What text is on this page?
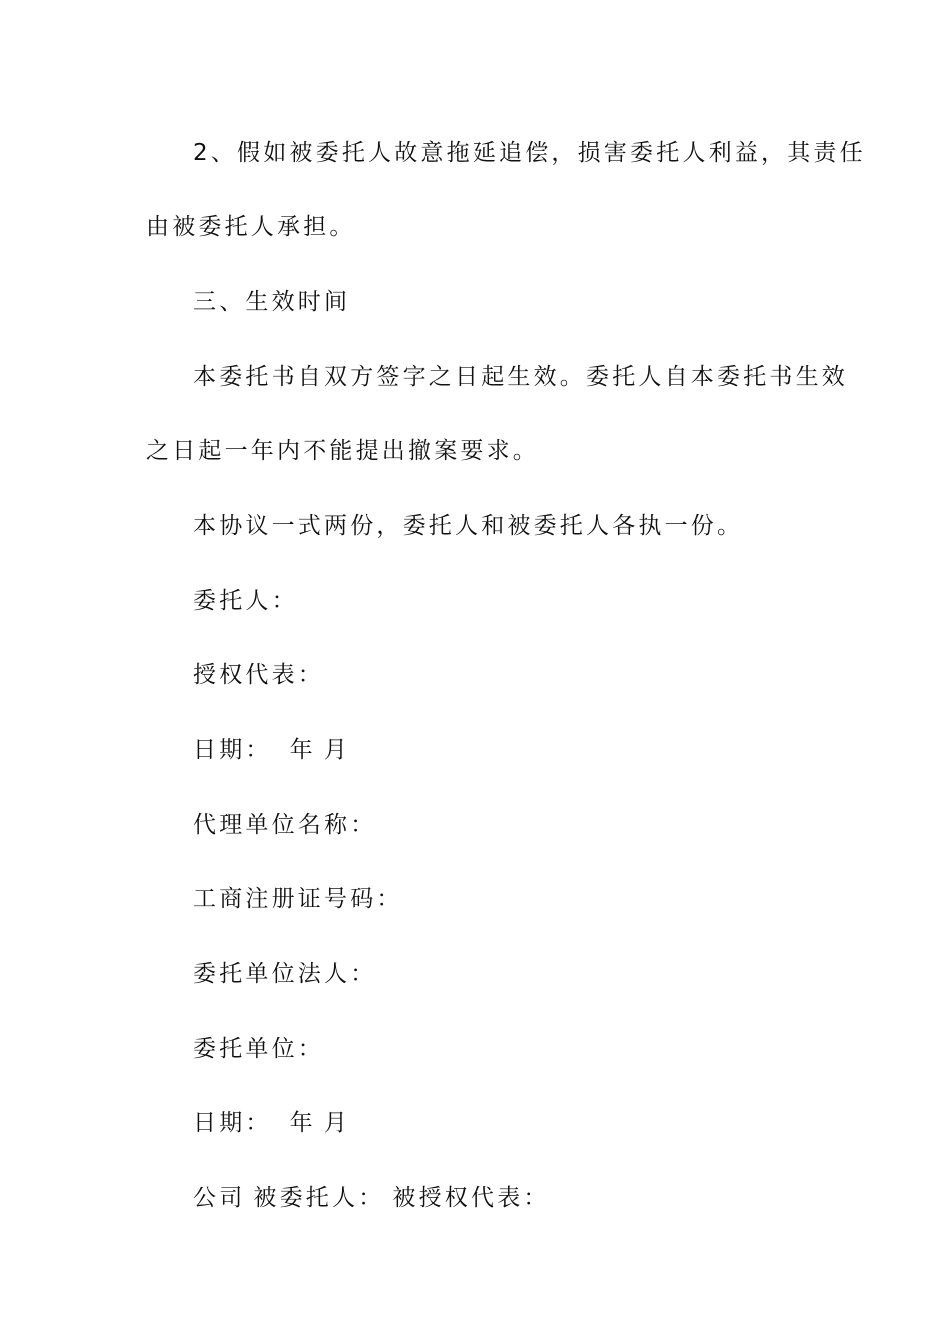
2、假如被委托人故意拖延追偿，损害委托人利益，其责任
由被委托人承担。
三、生效时间
本委托书自双方签字之日起生效。委托人自本委托书生效
之日起一年内不能提出撤案要求。
本协议一式两份，委托人和被委托人各执一份。
委托人：
授权代表：
日期： 年 月
代理单位名称：
工商注册证号码：
委托单位法人：
委托单位：
日期： 年 月
公司 被委托人： 被授权代表：
